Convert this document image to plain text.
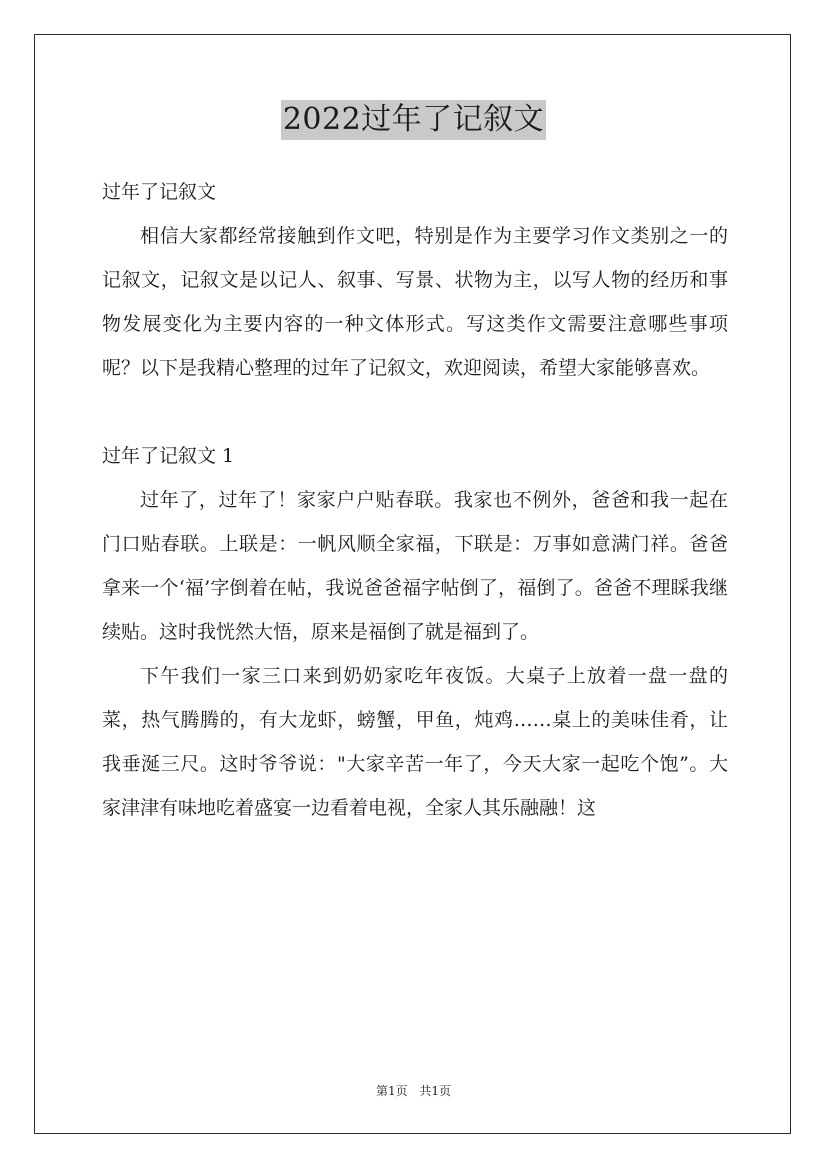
2022过年了记叙文

过年了记叙文

相信大家都经常接触到作文吧，特别是作为主要学习作文类别之一的记叙文，记叙文是以记人、叙事、写景、状物为主，以写人物的经历和事物发展变化为主要内容的一种文体形式。写这类作文需要注意哪些事项呢？以下是我精心整理的过年了记叙文，欢迎阅读，希望大家能够喜欢。

过年了记叙文 1

过年了，过年了！家家户户贴春联。我家也不例外，爸爸和我一起在门口贴春联。上联是：一帆风顺全家福，下联是：万事如意满门祥。爸爸拿来一个‘福’字倒着在帖，我说爸爸福字帖倒了，福倒了。爸爸不理睬我继续贴。这时我恍然大悟，原来是福倒了就是福到了。

下午我们一家三口来到奶奶家吃年夜饭。大桌子上放着一盘一盘的菜，热气腾腾的，有大龙虾，螃蟹，甲鱼，炖鸡……桌上的美味佳肴，让我垂涎三尺。这时爷爷说："大家辛苦一年了，今天大家一起吃个饱”。大家津津有味地吃着盛宴一边看着电视，全家人其乐融融！这

第1页 共1页
